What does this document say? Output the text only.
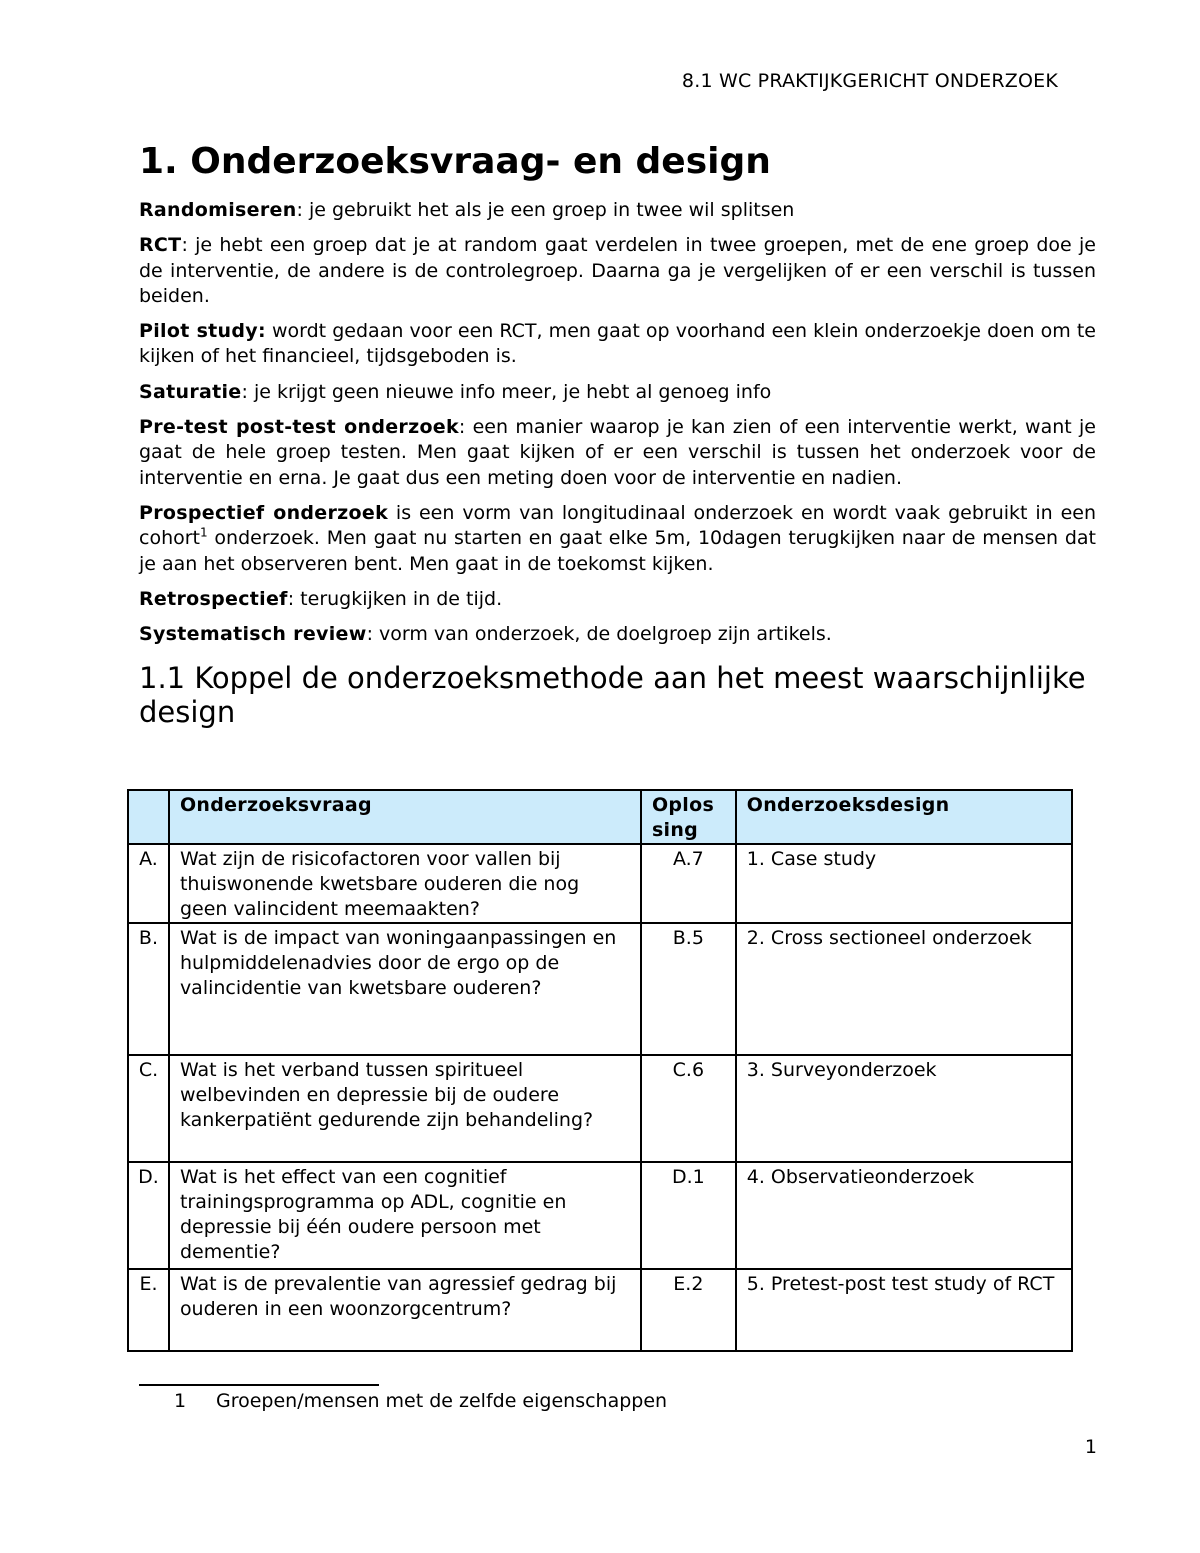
8.1 WC PRAKTIJKGERICHT ONDERZOEK
1. Onderzoeksvraag- en design

Randomiseren: je gebruikt het als je een groep in twee wil splitsen

RCT: je hebt een groep dat je at random gaat verdelen in twee groepen, met de ene groep doe je de interventie, de andere is de controlegroep. Daarna ga je vergelijken of er een verschil is tussen beiden.

Pilot study: wordt gedaan voor een RCT, men gaat op voorhand een klein onderzoekje doen om te kijken of het financieel, tijdsgeboden is.

Saturatie: je krijgt geen nieuwe info meer, je hebt al genoeg info

Pre-test post-test onderzoek: een manier waarop je kan zien of een interventie werkt, want je gaat de hele groep testen. Men gaat kijken of er een verschil is tussen het onderzoek voor de interventie en erna. Je gaat dus een meting doen voor de interventie en nadien.

Prospectief onderzoek is een vorm van longitudinaal onderzoek en wordt vaak gebruikt in een cohort$^1$ onderzoek. Men gaat nu starten en gaat elke 5m, 10dagen terugkijken naar de mensen dat je aan het observeren bent. Men gaat in de toekomst kijken.

Retrospectief: terugkijken in de tijd.

Systematisch review: vorm van onderzoek, de doelgroep zijn artikels.

1.1 Koppel de onderzoeksmethode aan het meest waarschijnlijke design
	Onderzoeksvraag	Oplossing	Onderzoeksdesign
A.	Wat zijn de risicofactoren voor vallen bij thuiswonende kwetsbare ouderen die nog geen valincident meemaakten?	A.7	1. Case study
B.	Wat is de impact van woningaanpassingen en hulpmiddelenadvies door de ergo op de valincidentie van kwetsbare ouderen?	B.5	2. Cross sectioneel onderzoek
C.	Wat is het verband tussen spiritueel welbevinden en depressie bij de oudere kankerpatiënt gedurende zijn behandeling?	C.6	3. Surveyonderzoek
D.	Wat is het effect van een cognitief trainingsprogramma op ADL, cognitie en depressie bij één oudere persoon met dementie?	D.1	4. Observatieonderzoek
E.	Wat is de prevalentie van agressief gedrag bij ouderen in een woonzorgcentrum?	E.2	5. Pretest-post test study of RCT
1 Groepen/mensen met de zelfde eigenschappen
1
